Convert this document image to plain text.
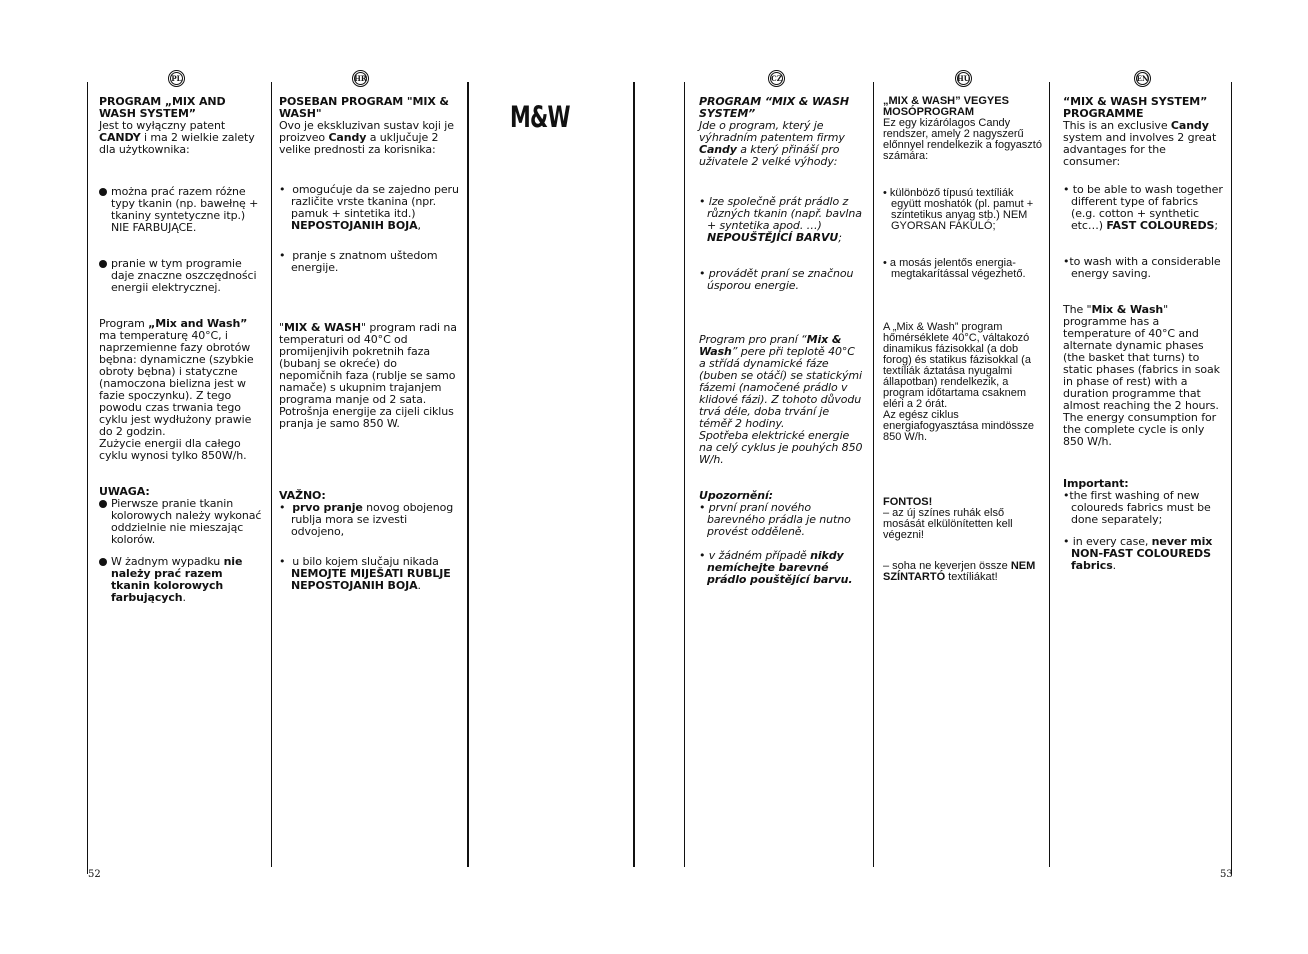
PL	HR	CZ	HU	EN
M&W

PROGRAM „MIX AND WASH SYSTEM”

Jest to wyłączny patent CANDY i ma 2 wielkie zalety dla użytkownika:

można prać razem różne typy tkanin (np. bawełnę + tkaniny syntetyczne itp.) NIE FARBUJĄCE.

pranie w tym programie daje znaczne oszczędności energii elektrycznej.

Program „Mix and Wash” ma temperaturę 40°C, i naprzemienne fazy obrotów bębna: dynamiczne (szybkie obroty bębna) i statyczne (namoczona bielizna jest w fazie spoczynku). Z tego powodu czas trwania tego cyklu jest wydłużony prawie do 2 godzin.

Zużycie energii dla całego cyklu wynosi tylko 850W/h.

UWAGA:

Pierwsze pranie tkanin kolorowych należy wykonać oddzielnie nie mieszając kolorów.

W żadnym wypadku nie należy prać razem tkanin kolorowych farbujących.

POSEBAN PROGRAM "MIX & WASH"

Ovo je ekskluzivan sustav koji je proizveo Candy a uključuje 2 velike prednosti za korisnika:

•  omogućuje da se zajedno peru različite vrste tkanina (npr. pamuk + sintetika itd.) NEPOSTOJANIH BOJA,

•  pranje s znatnom uštedom energije.

"MIX & WASH" program radi na temperaturi od 40°C od promijenjivih pokretnih faza (bubanj se okreće) do nepomičnih faza (rublje se samo namače) s ukupnim trajanjem programa manje od 2 sata. Potrošnja energije za cijeli ciklus pranja je samo 850 W.

VAŽNO:

•  prvo pranje novog obojenog rublja mora se izvesti odvojeno,

•  u bilo kojem slučaju nikada NEMOJTE MIJEŠATI RUBLJE NEPOSTOJANIH BOJA.

PROGRAM “MIX & WASH SYSTEM”

Jde o program, který je výhradním patentem firmy Candy a který přináší pro uživatele 2 velké výhody:

• lze společně prát prádlo z různých tkanin (např. bavlna + syntetika apod. …) NEPOUŠTĚJÍCÍ BARVU;

• provádět praní se značnou úsporou energie.

Program pro praní “Mix & Wash” pere při teplotě 40°C a střídá dynamické fáze (buben se otáčí) se statickými fázemi (namočené prádlo v klidové fázi). Z tohoto důvodu trvá déle, doba trvání je téměř 2 hodiny.

Spotřeba elektrické energie na celý cyklus je pouhých 850 W/h.

Upozornění:

• první praní nového barevného prádla je nutno provést odděleně.

• v žádném případě nikdy nemíchejte barevné prádlo pouštějící barvu.

„MIX & WASH” VEGYES MOSÓPROGRAM

Ez egy kizárólagos Candy rendszer, amely 2 nagyszerű előnnyel rendelkezik a fogyasztó számára:

• különböző típusú textíliák együtt moshatók (pl. pamut + szintetikus anyag stb.) NEM GYORSAN FAKULÓ;

• a mosás jelentős energia-megtakarítással végezhető.

A „Mix & Wash” program hőmérséklete 40°C, váltakozó dinamikus fázisokkal (a dob forog) és statikus fázisokkal (a textíliák áztatása nyugalmi állapotban) rendelkezik, a program időtartama csaknem eléri a 2 órát.

Az egész ciklus energiafogyasztása mindössze 850 W/h.

FONTOS!

– az új színes ruhák első mosását elkülönítetten kell végezni!

– soha ne keverjen össze NEM SZÍNTARTÓ textíliákat!

“MIX & WASH SYSTEM” PROGRAMME

This is an exclusive Candy system and involves 2 great advantages for the consumer:

• to be able to wash together different type of fabrics (e.g. cotton + synthetic etc…) FAST COLOUREDS;

•to wash with a considerable energy saving.

The "Mix & Wash" programme has a temperature of 40°C and alternate dynamic phases (the basket that turns) to static phases (fabrics in soak in phase of rest) with a duration programme that almost reaching the 2 hours. The energy consumption for the complete cycle is only 850 W/h.

Important:

•the first washing of new coloureds fabrics must be done separately;

• in every case, never mix NON-FAST COLOUREDS fabrics.

52	53
